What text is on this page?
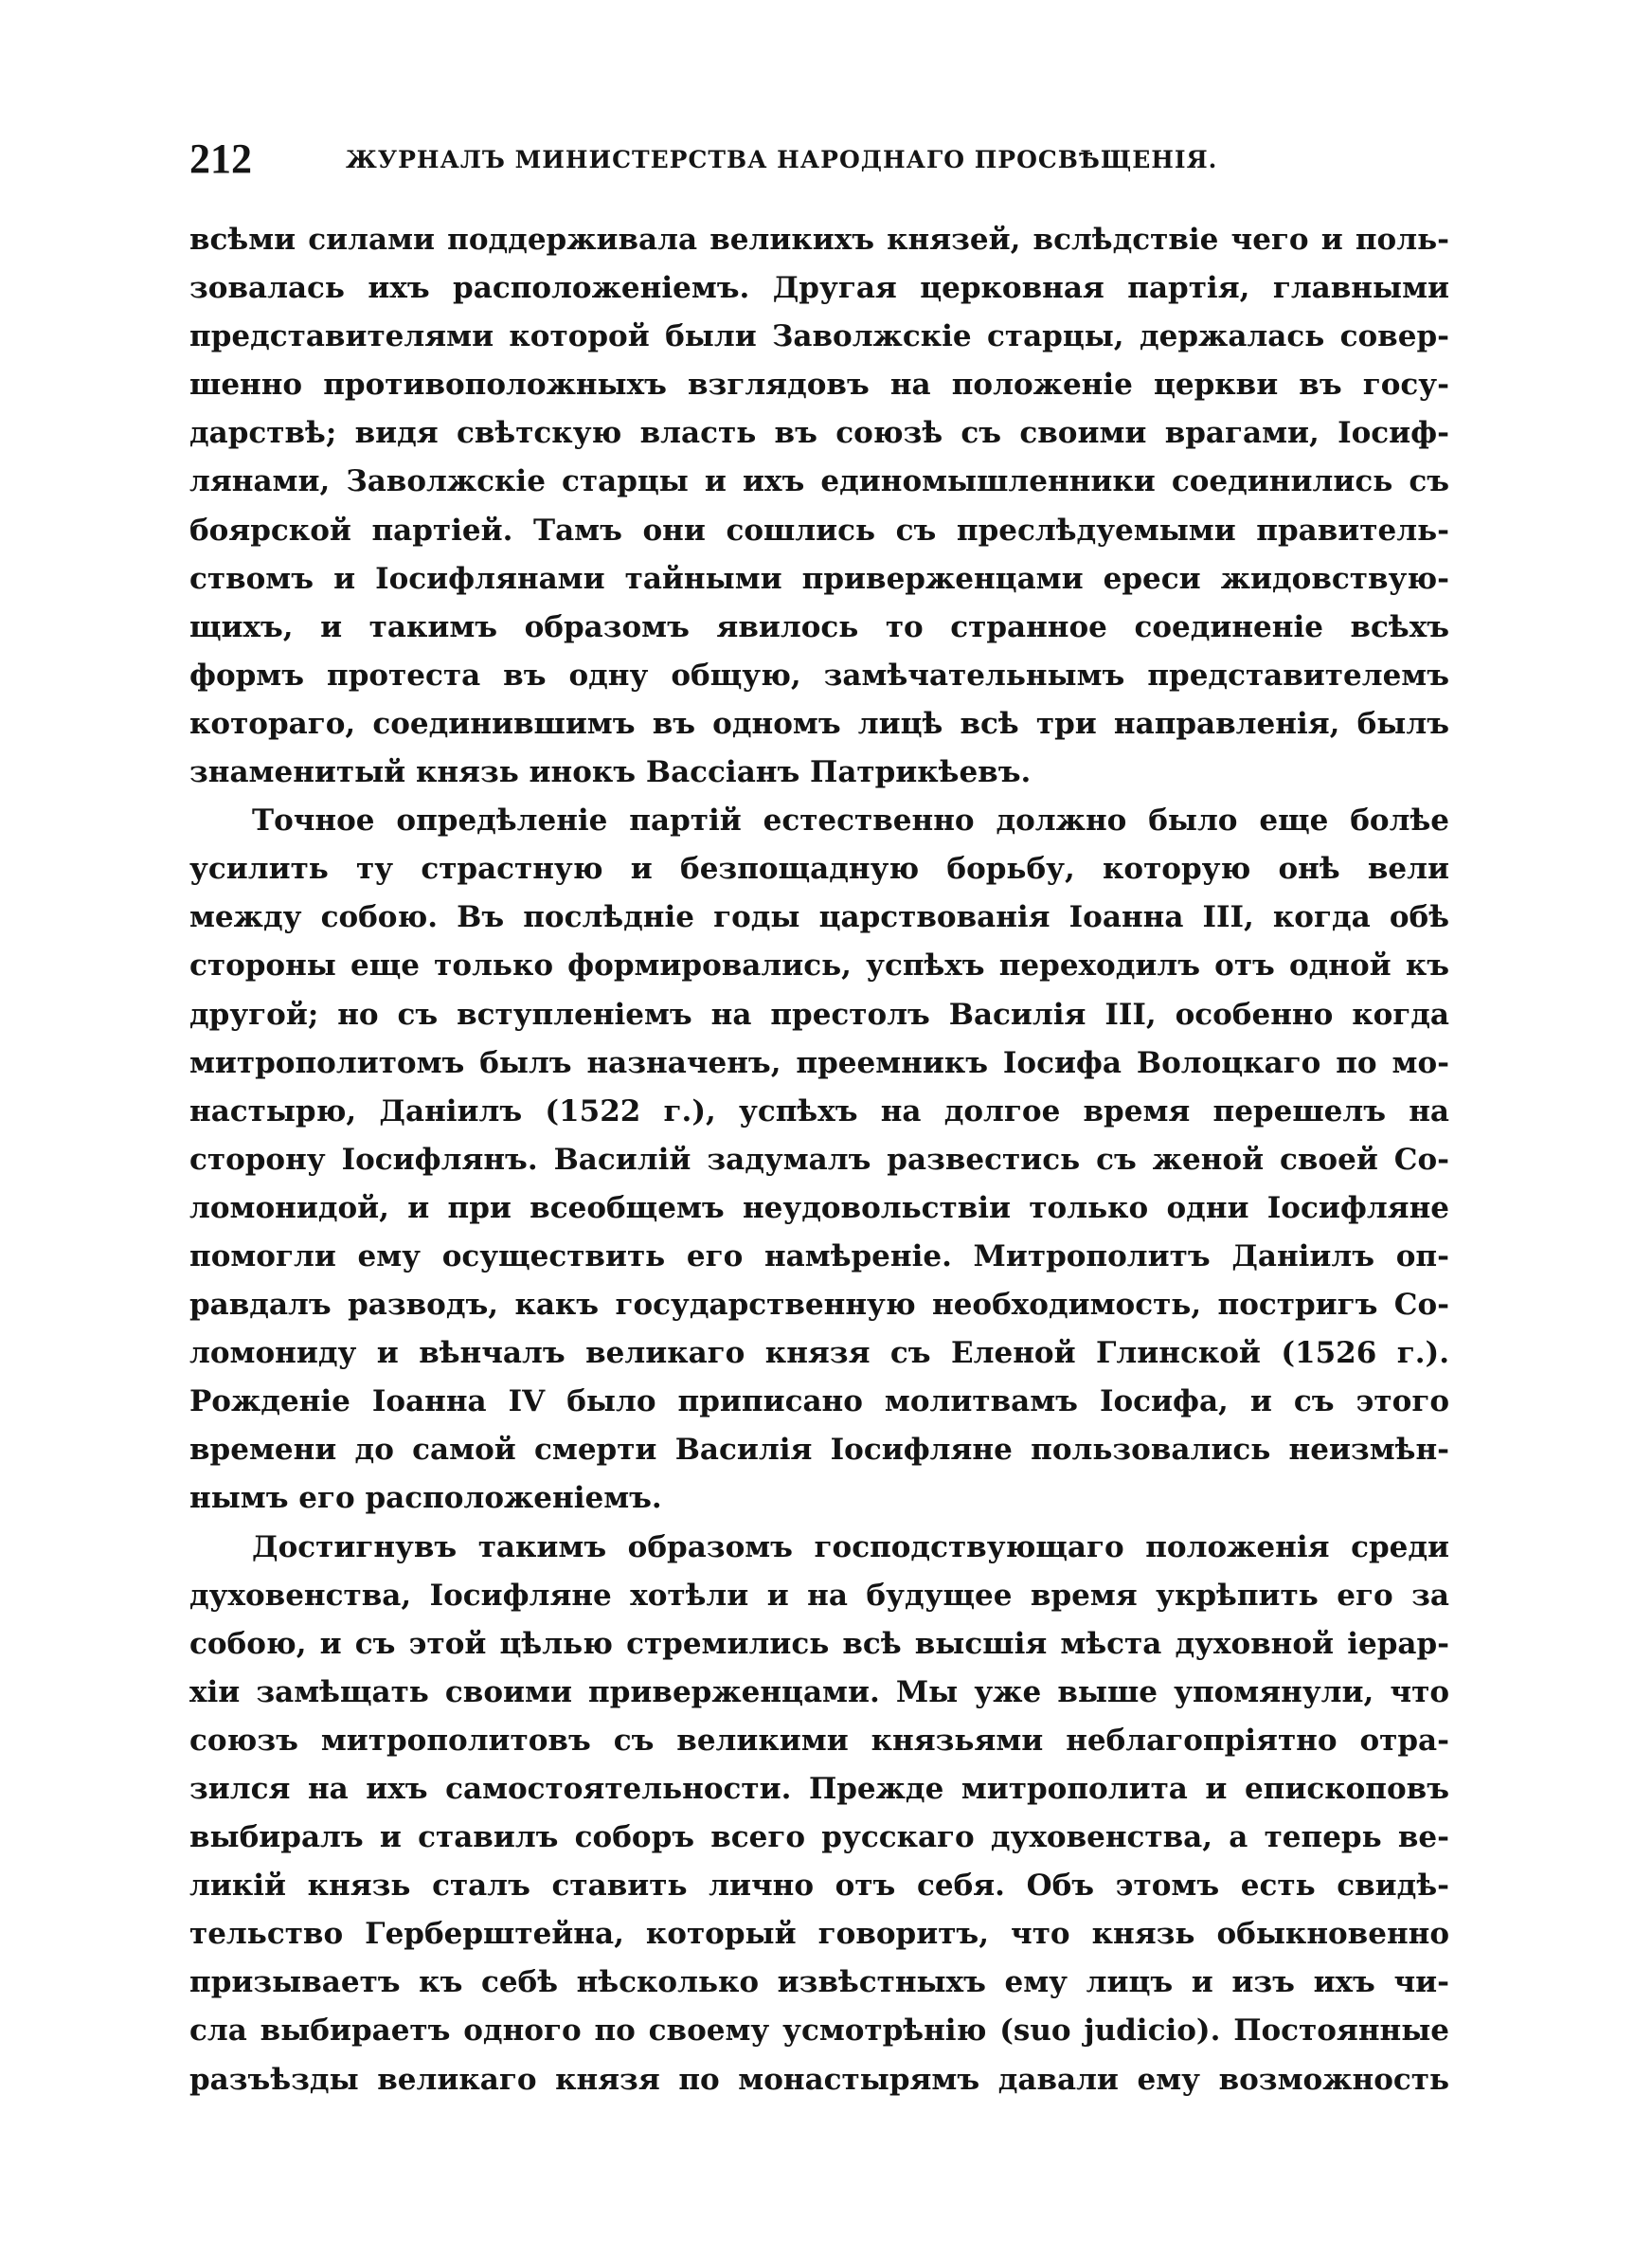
212	ЖУРНАЛЪ МИНИСТЕРСТВА НАРОДНАГО ПРОСВѢЩЕНІЯ.
всѣми силами поддерживала великихъ князей, вслѣдствіе чего и поль-
зовалась ихъ расположеніемъ. Другая церковная партія, главными
представителями которой были Заволжскіе старцы, держалась совер-
шенно противоположныхъ взглядовъ на положеніе церкви въ госу-
дарствѣ; видя свѣтскую власть въ союзѣ съ своими врагами, Іосиф-
лянами, Заволжскіе старцы и ихъ единомышленники соединились съ
боярской партіей. Тамъ они сошлись съ преслѣдуемыми правитель-
ствомъ и Іосифлянами тайными приверженцами ереси жидовствую-
щихъ, и такимъ образомъ явилось то странное соединеніе всѣхъ
формъ протеста въ одну общую, замѣчательнымъ представителемъ
котораго, соединившимъ въ одномъ лицѣ всѣ три направленія, былъ
знаменитый князь инокъ Вассіанъ Патрикѣевъ.
Точное опредѣленіе партій естественно должно было еще болѣе
усилить ту страстную и безпощадную борьбу, которую онѣ вели
между собою. Въ послѣдніе годы царствованія Іоанна III, когда обѣ
стороны еще только формировались, успѣхъ переходилъ отъ одной къ
другой; но съ вступленіемъ на престолъ Василія III, особенно когда
митрополитомъ былъ назначенъ, преемникъ Іосифа Волоцкаго по мо-
настырю, Даніилъ (1522 г.), успѣхъ на долгое время перешелъ на
сторону Іосифлянъ. Василій задумалъ развестись съ женой своей Со-
ломонидой, и при всеобщемъ неудовольствіи только одни Іосифляне
помогли ему осуществить его намѣреніе. Митрополитъ Даніилъ оп-
равдалъ разводъ, какъ государственную необходимость, постригъ Со-
ломониду и вѣнчалъ великаго князя съ Еленой Глинской (1526 г.).
Рожденіе Іоанна IV было приписано молитвамъ Іосифа, и съ этого
времени до самой смерти Василія Іосифляне пользовались неизмѣн-
нымъ его расположеніемъ.
Достигнувъ такимъ образомъ господствующаго положенія среди
духовенства, Іосифляне хотѣли и на будущее время укрѣпить его за
собою, и съ этой цѣлью стремились всѣ высшія мѣста духовной іерар-
хіи замѣщать своими приверженцами. Мы уже выше упомянули, что
союзъ митрополитовъ съ великими князьями неблагопріятно отра-
зился на ихъ самостоятельности. Прежде митрополита и епископовъ
выбиралъ и ставилъ соборъ всего русскаго духовенства, а теперь ве-
ликій князь сталъ ставить лично отъ себя. Объ этомъ есть свидѣ-
тельство Герберштейна, который говоритъ, что князь обыкновенно
призываетъ къ себѣ нѣсколько извѣстныхъ ему лицъ и изъ ихъ чи-
сла выбираетъ одного по своему усмотрѣнію (suo judicio). Постоянные
разъѣзды великаго князя по монастырямъ давали ему возможность
